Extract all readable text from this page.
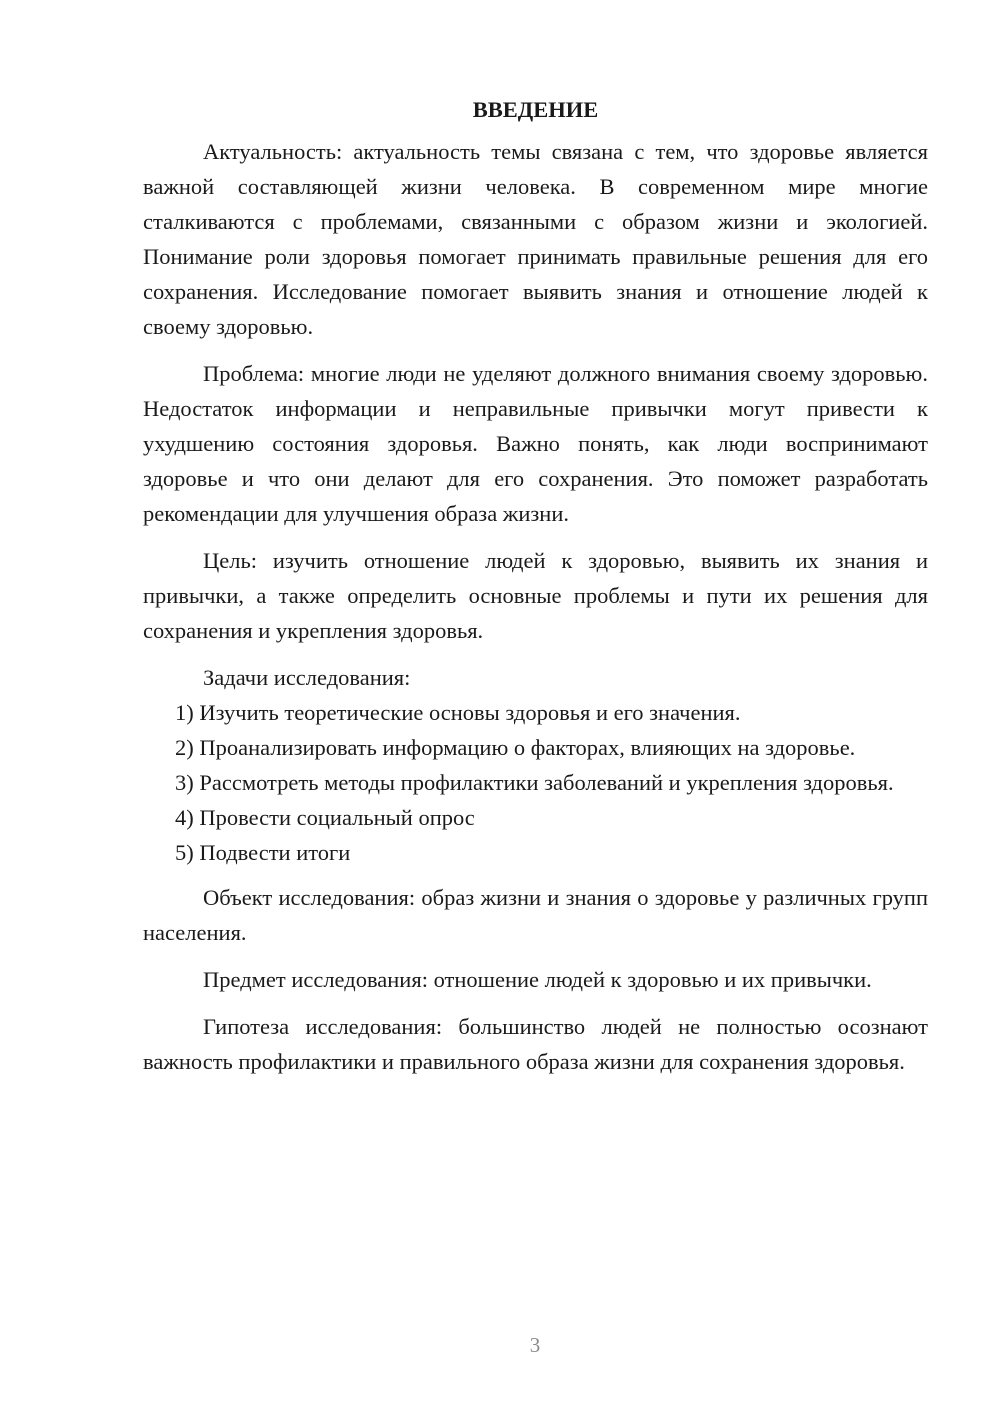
ВВЕДЕНИЕ

Актуальность: актуальность темы связана с тем, что здоровье является важной составляющей жизни человека. В современном мире многие сталкиваются с проблемами, связанными с образом жизни и экологией. Понимание роли здоровья помогает принимать правильные решения для его сохранения. Исследование помогает выявить знания и отношение людей к своему здоровью.

Проблема: многие люди не уделяют должного внимания своему здоровью. Недостаток информации и неправильные привычки могут привести к ухудшению состояния здоровья. Важно понять, как люди воспринимают здоровье и что они делают для его сохранения. Это поможет разработать рекомендации для улучшения образа жизни.

Цель: изучить отношение людей к здоровью, выявить их знания и привычки, а также определить основные проблемы и пути их решения для сохранения и укрепления здоровья.

Задачи исследования:

1) Изучить теоретические основы здоровья и его значения.

2) Проанализировать информацию о факторах, влияющих на здоровье.

3) Рассмотреть методы профилактики заболеваний и укрепления здоровья.

4) Провести социальный опрос

5) Подвести итоги

Объект исследования: образ жизни и знания о здоровье у различных групп населения.

Предмет исследования: отношение людей к здоровью и их привычки.

Гипотеза исследования: большинство людей не полностью осознают важность профилактики и правильного образа жизни для сохранения здоровья.

3
